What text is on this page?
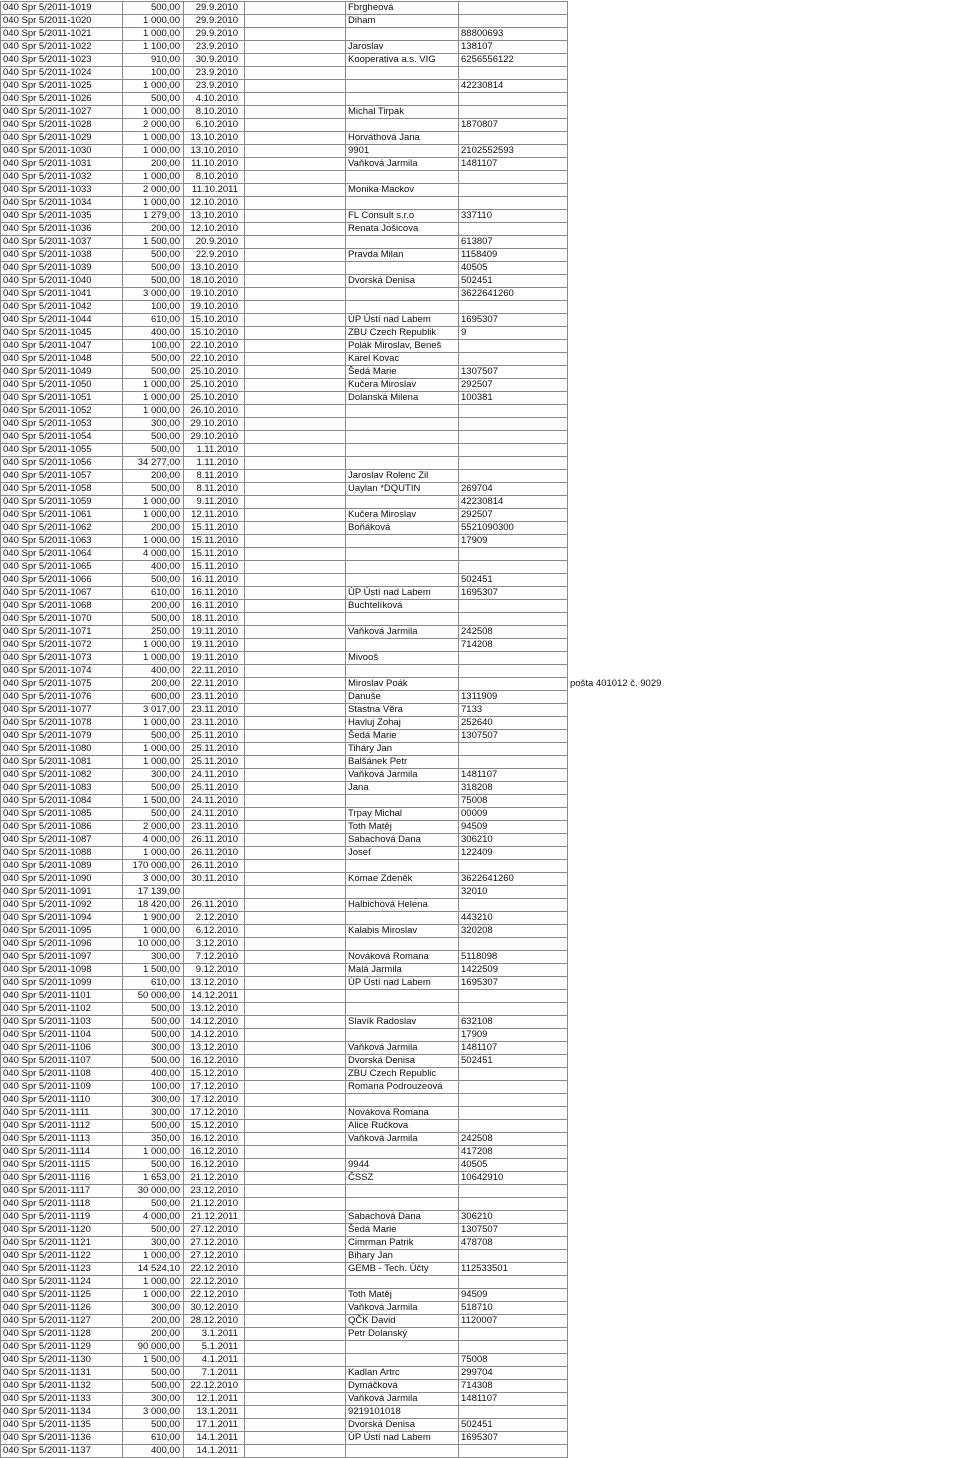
040 Spr 5/2011-1019	500,00	29.9.2010		Fbrgheová		
040 Spr 5/2011-1020	1 000,00	29.9.2010		Diham		
040 Spr 5/2011-1021	1 000,00	29.9.2010			88800693	
040 Spr 5/2011-1022	1 100,00	23.9.2010		Jaroslav	138107	
040 Spr 5/2011-1023	910,00	30.9.2010		Kooperativa a.s. VIG	6256556122	
040 Spr 5/2011-1024	100,00	23.9.2010				
040 Spr 5/2011-1025	1 000,00	23.9.2010			42230814	
040 Spr 5/2011-1026	500,00	4.10.2010				
040 Spr 5/2011-1027	1 000,00	8.10.2010		Michal Tirpak		
040 Spr 5/2011-1028	2 000,00	6.10.2010			1870807	
040 Spr 5/2011-1029	1 000,00	13.10.2010		Horváthová Jana		
040 Spr 5/2011-1030	1 000,00	13.10.2010		9901	2102552593	
040 Spr 5/2011-1031	200,00	11.10.2010		Vaňková Jarmila	1481107	
040 Spr 5/2011-1032	1 000,00	8.10.2010				
040 Spr 5/2011-1033	2 000,00	11.10.2011		Monika Mackov		
040 Spr 5/2011-1034	1 000,00	12.10.2010				
040 Spr 5/2011-1035	1 279,00	13.10.2010		FL Consult s.r.o	337110	
040 Spr 5/2011-1036	200,00	12.10.2010		Renata Jošicova		
040 Spr 5/2011-1037	1 500,00	20.9.2010			613807	
040 Spr 5/2011-1038	500,00	22.9.2010		Pravda Milan	1158409	
040 Spr 5/2011-1039	500,00	13.10.2010			40505	
040 Spr 5/2011-1040	500,00	18.10.2010		Dvorská Denisa	502451	
040 Spr 5/2011-1041	3 000,00	19.10.2010			3622641260	
040 Spr 5/2011-1042	100,00	19.10.2010				
040 Spr 5/2011-1044	610,00	15.10.2010		ÚP Ústí nad Labem	1695307	
040 Spr 5/2011-1045	400,00	15.10.2010		ZBU Czech Republik	9	
040 Spr 5/2011-1047	100,00	22.10.2010		Polák Miroslav, Beneš		
040 Spr 5/2011-1048	500,00	22.10.2010		Karel Kovac		
040 Spr 5/2011-1049	500,00	25.10.2010		Šedá Marie	1307507	
040 Spr 5/2011-1050	1 000,00	25.10.2010		Kučera Miroslav	292507	
040 Spr 5/2011-1051	1 000,00	25.10.2010		Dolanská Milena	100381	
040 Spr 5/2011-1052	1 000,00	26.10.2010				
040 Spr 5/2011-1053	300,00	29.10.2010				
040 Spr 5/2011-1054	500,00	29.10.2010				
040 Spr 5/2011-1055	500,00	1.11.2010				
040 Spr 5/2011-1056	34 277,00	1.11.2010				
040 Spr 5/2011-1057	200,00	8.11.2010		Jaroslav Rolenc Zil		
040 Spr 5/2011-1058	500,00	8.11.2010		Uaylan *DQUTIN	269704	
040 Spr 5/2011-1059	1 000,00	9.11.2010			42230814	
040 Spr 5/2011-1061	1 000,00	12.11.2010		Kučera Miroslav	292507	
040 Spr 5/2011-1062	200,00	15.11.2010		Boňáková	5521090300	
040 Spr 5/2011-1063	1 000,00	15.11.2010			17909	
040 Spr 5/2011-1064	4 000,00	15.11.2010				
040 Spr 5/2011-1065	400,00	15.11.2010				
040 Spr 5/2011-1066	500,00	16.11.2010			502451	
040 Spr 5/2011-1067	610,00	16.11.2010		ÚP Ústí nad Labem	1695307	
040 Spr 5/2011-1068	200,00	16.11.2010		Buchtelíková		
040 Spr 5/2011-1070	500,00	18.11.2010				
040 Spr 5/2011-1071	250,00	19.11.2010		Vaňková Jarmila	242508	
040 Spr 5/2011-1072	1 000,00	19.11.2010			714208	
040 Spr 5/2011-1073	1 000,00	19.11.2010		Mivooš		
040 Spr 5/2011-1074	400,00	22.11.2010				
040 Spr 5/2011-1075	200,00	22.11.2010		Miroslav Poák		pošta 401012 č. 9029
040 Spr 5/2011-1076	600,00	23.11.2010		Danuše	1311909	
040 Spr 5/2011-1077	3 017,00	23.11.2010		Stastna Věra	7133	
040 Spr 5/2011-1078	1 000,00	23.11.2010		Havluj Zohaj	252640	
040 Spr 5/2011-1079	500,00	25.11.2010		Šedá Marie	1307507	
040 Spr 5/2011-1080	1 000,00	25.11.2010		Tiháry Jan		
040 Spr 5/2011-1081	1 000,00	25.11.2010		Balšánek Petr		
040 Spr 5/2011-1082	300,00	24.11.2010		Vaňková Jarmila	1481107	
040 Spr 5/2011-1083	500,00	25.11.2010		Jana	318208	
040 Spr 5/2011-1084	1 500,00	24.11.2010			75008	
040 Spr 5/2011-1085	500,00	24.11.2010		Trpay Michal	00009	
040 Spr 5/2011-1086	2 000,00	23.11.2010		Toth Matěj	94509	
040 Spr 5/2011-1087	4 000,00	26.11.2010		Sabachová Dana	306210	
040 Spr 5/2011-1088	1 000,00	26.11.2010		Josef	122409	
040 Spr 5/2011-1089	170 000,00	26.11.2010				
040 Spr 5/2011-1090	3 000,00	30.11.2010		Komae Zdeněk	3622641260	
040 Spr 5/2011-1091	17 139,00				32010	
040 Spr 5/2011-1092	18 420,00	26.11.2010		Halbichová Helena		
040 Spr 5/2011-1094	1 900,00	2.12.2010			443210	
040 Spr 5/2011-1095	1 000,00	6.12.2010		Kalabis Miroslav	320208	
040 Spr 5/2011-1096	10 000,00	3.12.2010				
040 Spr 5/2011-1097	300,00	7.12.2010		Nováková Romana	5118098	
040 Spr 5/2011-1098	1 500,00	9.12.2010		Malá Jarmila	1422509	
040 Spr 5/2011-1099	610,00	13.12.2010		ÚP Ústí nad Labem	1695307	
040 Spr 5/2011-1101	50 000,00	14.12.2011				
040 Spr 5/2011-1102	500,00	13.12.2010				
040 Spr 5/2011-1103	500,00	14.12.2010		Slavík Radoslav	632108	
040 Spr 5/2011-1104	500,00	14.12.2010			17909	
040 Spr 5/2011-1106	300,00	13.12.2010		Vaňková Jarmila	1481107	
040 Spr 5/2011-1107	500,00	16.12.2010		Dvorská Denisa	502451	
040 Spr 5/2011-1108	400,00	15.12.2010		ZBU Czech Republic		
040 Spr 5/2011-1109	100,00	17.12.2010		Romana Podrouzeová		
040 Spr 5/2011-1110	300,00	17.12.2010				
040 Spr 5/2011-1111	300,00	17.12.2010		Nováková Romana		
040 Spr 5/2011-1112	500,00	15.12.2010		Alice Ručkova		
040 Spr 5/2011-1113	350,00	16.12.2010		Vaňková Jarmila	242508	
040 Spr 5/2011-1114	1 000,00	16.12.2010			417208	
040 Spr 5/2011-1115	500,00	16.12.2010		9944	40505	
040 Spr 5/2011-1116	1 653,00	21.12.2010		ČSSZ	10642910	
040 Spr 5/2011-1117	30 000,00	23.12.2010				
040 Spr 5/2011-1118	500,00	21.12.2010				
040 Spr 5/2011-1119	4 000,00	21.12.2011		Sabachová Dana	306210	
040 Spr 5/2011-1120	500,00	27.12.2010		Šedá Marie	1307507	
040 Spr 5/2011-1121	300,00	27.12.2010		Cimrman Patrik	478708	
040 Spr 5/2011-1122	1 000,00	27.12.2010		Bihary Jan		
040 Spr 5/2011-1123	14 524,10	22.12.2010		GEMB - Tech. Účty	112533501	
040 Spr 5/2011-1124	1 000,00	22.12.2010				
040 Spr 5/2011-1125	1 000,00	22.12.2010		Toth Matěj	94509	
040 Spr 5/2011-1126	300,00	30.12.2010		Vaňková Jarmila	518710	
040 Spr 5/2011-1127	200,00	28.12.2010		QČK David	1120007	
040 Spr 5/2011-1128	200,00	3.1.2011		Petr Dolanský		
040 Spr 5/2011-1129	90 000,00	5.1.2011				
040 Spr 5/2011-1130	1 500,00	4.1.2011			75008	
040 Spr 5/2011-1131	500,00	7.1.2011		Kadlan Artrc	299704	
040 Spr 5/2011-1132	500,00	22.12.2010		Dymáčková	714308	
040 Spr 5/2011-1133	300,00	12.1.2011		Vaňková Jarmila	1481107	
040 Spr 5/2011-1134	3 000,00	13.1.2011		9219101018		
040 Spr 5/2011-1135	500,00	17.1.2011		Dvorská Denisa	502451	
040 Spr 5/2011-1136	610,00	14.1.2011		ÚP Ústí nad Labem	1695307	
040 Spr 5/2011-1137	400,00	14.1.2011				
